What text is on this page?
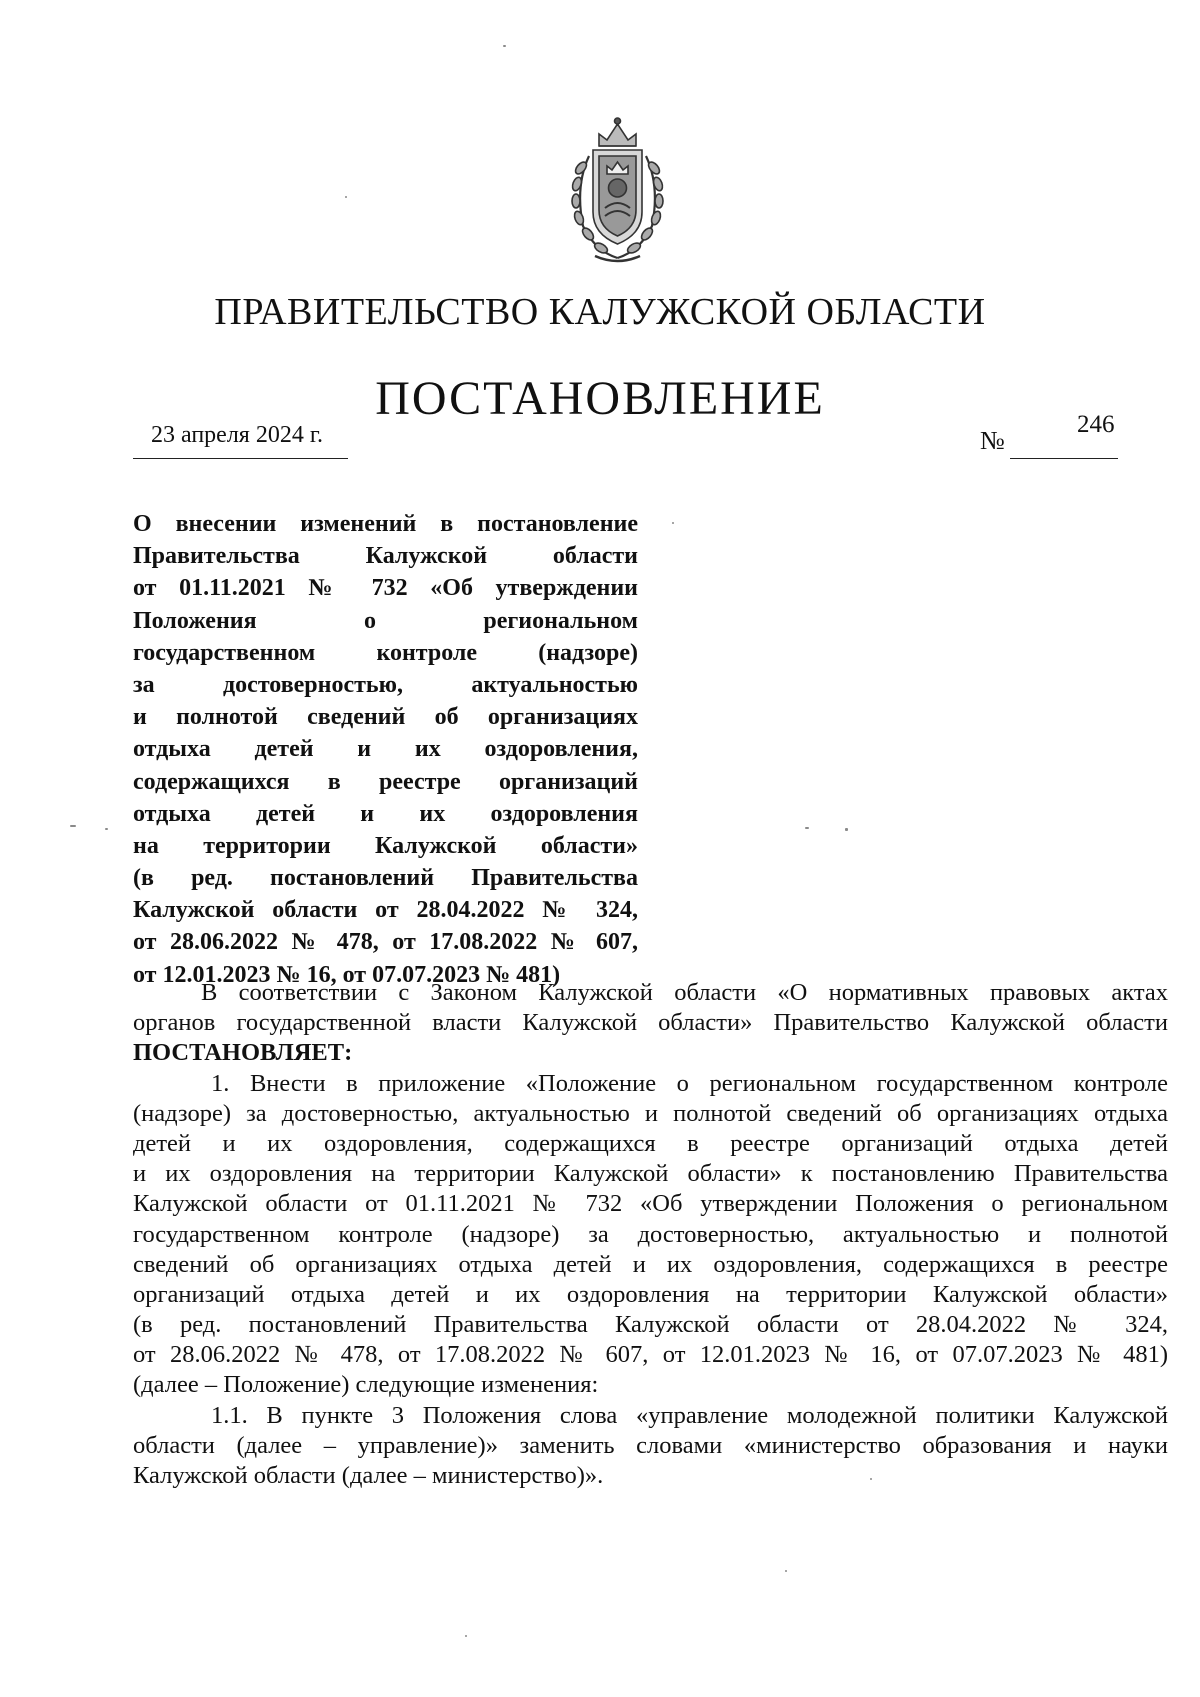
ПРАВИТЕЛЬСТВО КАЛУЖСКОЙ ОБЛАСТИ
ПОСТАНОВЛЕНИЕ
23 апреля 2024 г.	№
246
О внесении изменений в постановление
Правительства Калужской области
от 01.11.2021 № 732 «Об утверждении
Положения о региональном
государственном контроле (надзоре)
за достоверностью, актуальностью
и полнотой сведений об организациях
отдыха детей и их оздоровления,
содержащихся в реестре организаций
отдыха детей и их оздоровления
на территории Калужской области»
(в ред. постановлений Правительства
Калужской области от 28.04.2022 № 324,
от 28.06.2022 № 478, от 17.08.2022 № 607,
от 12.01.2023 № 16, от 07.07.2023 № 481)
В соответствии с Законом Калужской области «О нормативных правовых актах
органов государственной власти Калужской области» Правительство Калужской области
ПОСТАНОВЛЯЕТ:
1. Внести в приложение «Положение о региональном государственном контроле
(надзоре) за достоверностью, актуальностью и полнотой сведений об организациях отдыха
детей и их оздоровления, содержащихся в реестре организаций отдыха детей
и их оздоровления на территории Калужской области» к постановлению Правительства
Калужской области от 01.11.2021 № 732 «Об утверждении Положения о региональном
государственном контроле (надзоре) за достоверностью, актуальностью и полнотой
сведений об организациях отдыха детей и их оздоровления, содержащихся в реестре
организаций отдыха детей и их оздоровления на территории Калужской области»
(в ред. постановлений Правительства Калужской области от 28.04.2022 № 324,
от 28.06.2022 № 478, от 17.08.2022 № 607, от 12.01.2023 № 16, от 07.07.2023 № 481)
(далее – Положение) следующие изменения:
1.1. В пункте 3 Положения слова «управление молодежной политики Калужской
области (далее – управление)» заменить словами «министерство образования и науки
Калужской области (далее – министерство)».
